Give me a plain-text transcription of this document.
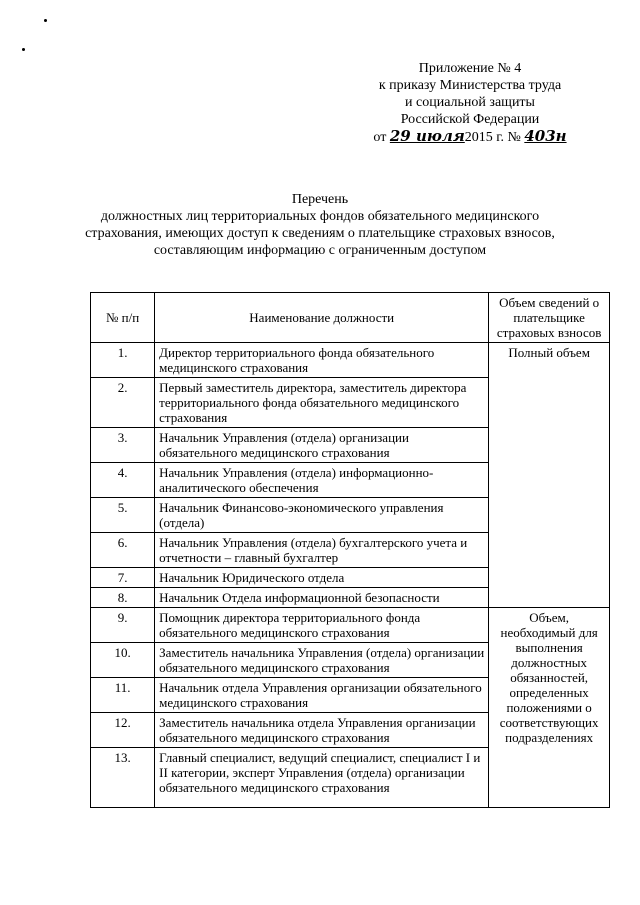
Приложение № 4
к приказу Министерства труда
и социальной защиты
Российской Федерации
от 29 июля2015 г. № 403н
Перечень
должностных лиц территориальных фондов обязательного медицинского страхования, имеющих доступ к сведениям о плательщике страховых взносов, составляющим информацию с ограниченным доступом
№ п/п	Наименование должности	Объем сведений о плательщике страховых взносов
1.	Директор территориального фонда обязательного медицинского страхования	Полный объем
2.	Первый заместитель директора, заместитель директора территориального фонда обязательного медицинского страхования	
3.	Начальник Управления (отдела) организации обязательного медицинского страхования	
4.	Начальник Управления (отдела) информационно-аналитического обеспечения	
5.	Начальник Финансово-экономического управления (отдела)	
6.	Начальник Управления (отдела) бухгалтерского учета и отчетности – главный бухгалтер	
7.	Начальник Юридического отдела	
8.	Начальник Отдела информационной безопасности	
9.	Помощник директора территориального фонда обязательного медицинского страхования	Объем, необходимый для выполнения должностных обязанностей, определенных положениями о соответствующих подразделениях
10.	Заместитель начальника Управления (отдела) организации обязательного медицинского страхования	
11.	Начальник отдела Управления организации обязательного медицинского страхования	
12.	Заместитель начальника отдела Управления организации обязательного медицинского страхования	
13.	Главный специалист, ведущий специалист, специалист I и II категории, эксперт Управления (отдела) организации обязательного медицинского страхования	
